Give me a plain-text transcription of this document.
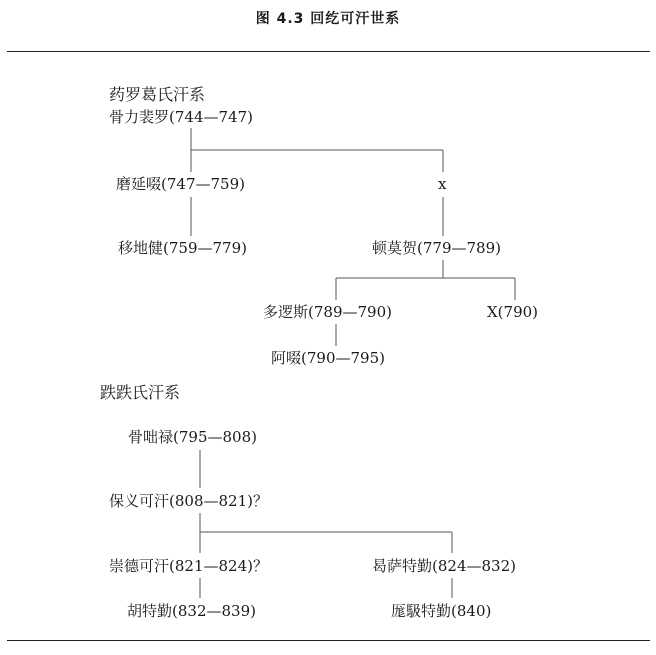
图 4.3 回纥可汗世系
药罗葛氏汗系
骨力裴罗(744—747)
磨延啜(747—759)	x
移地健(759—779)	顿莫贺(779—789)
多逻斯(789—790)	X(790)
阿啜(790—795)
跌跌氏汗系
骨咄禄(795—808)
保义可汗(808—821)？
崇德可汗(821—824)？	曷萨特勤(824—832)
胡特勤(832—839)	厖馺特勤(840)
